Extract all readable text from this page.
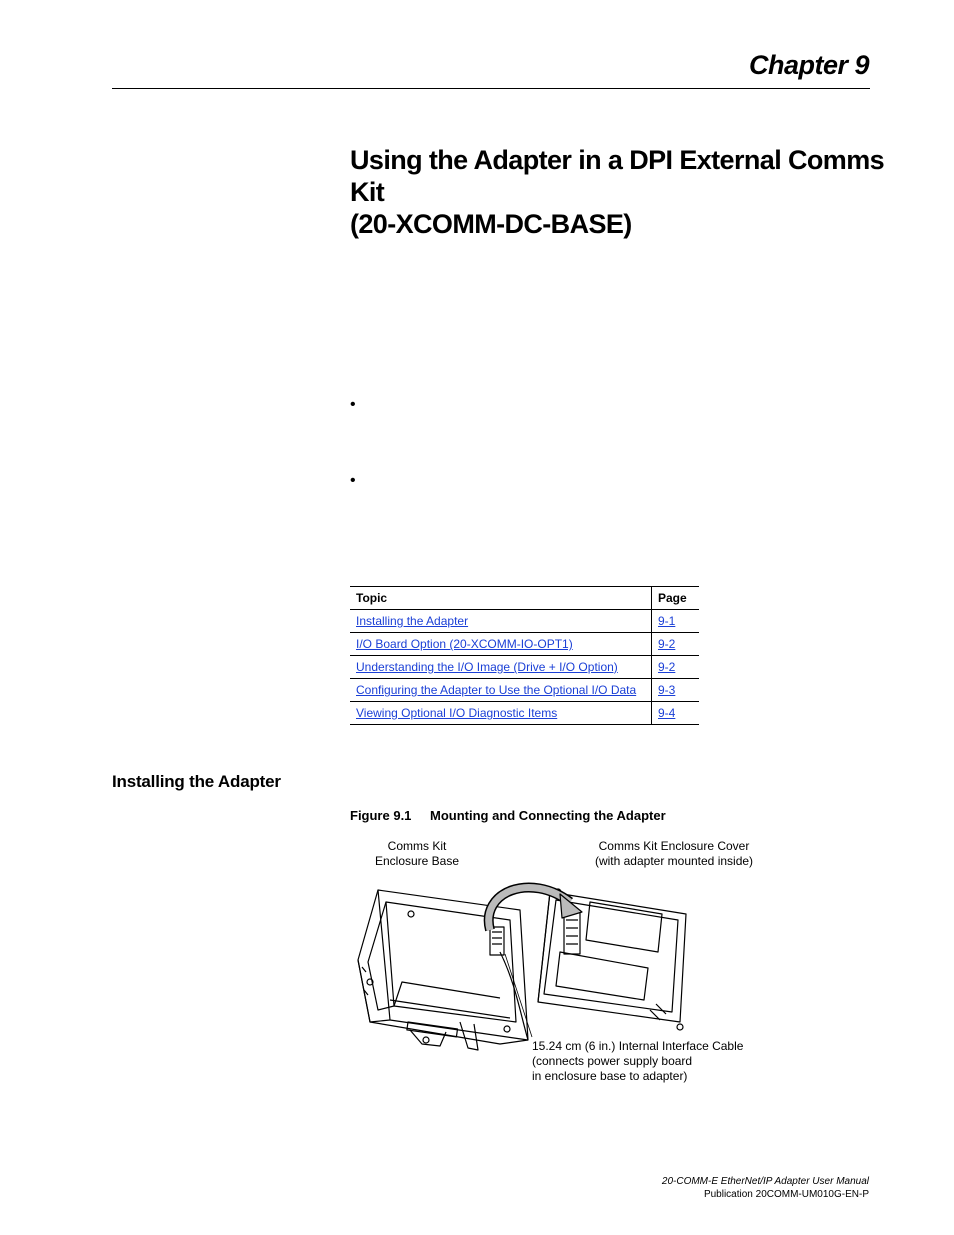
Chapter 9
Using the Adapter in a DPI External Comms Kit
(20-XCOMM-DC-BASE)
•
•
Topic	Page
Installing the Adapter	9-1
I/O Board Option (20-XCOMM-IO-OPT1)	9-2
Understanding the I/O Image (Drive + I/O Option)	9-2
Configuring the Adapter to Use the Optional I/O Data	9-3
Viewing Optional I/O Diagnostic Items	9-4
Installing the Adapter
Figure 9.1 Mounting and Connecting the Adapter
Comms Kit
Enclosure Base
Comms Kit Enclosure Cover
(with adapter mounted inside)
15.24 cm (6 in.) Internal Interface Cable
(connects power supply board
in enclosure base to adapter)
20-COMM-E EtherNet/IP Adapter User Manual
Publication 20COMM-UM010G-EN-P
